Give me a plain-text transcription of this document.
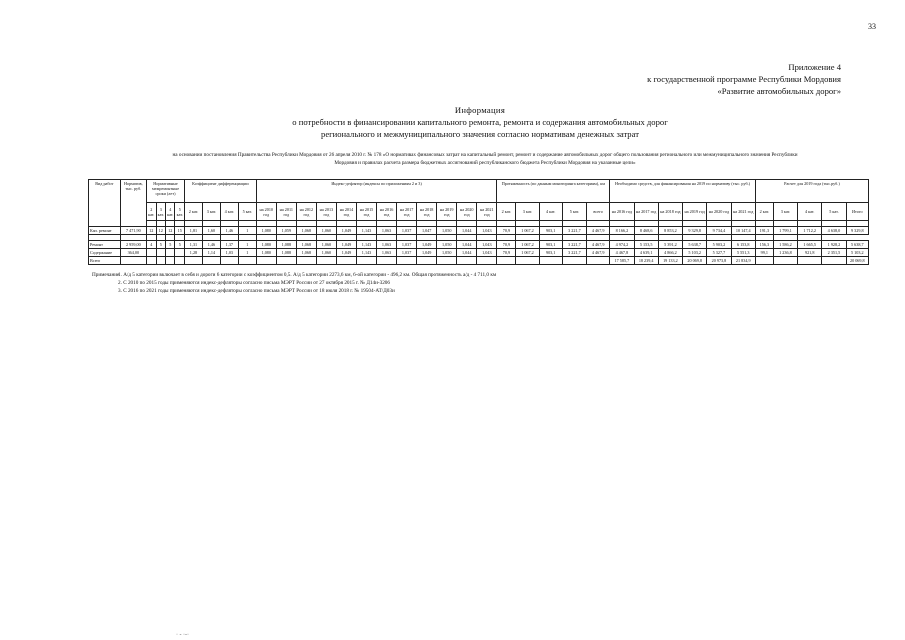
33
Приложение 4
к государственной программе Республики Мордовия
«Развитие автомобильных дорог»
Информация
о потребности в финансировании капитального ремонта, ремонта и содержания автомобильных дорог
регионального и межмуниципального значения согласно нормативам денежных затрат
на основании постановления Правительства Республики Мордовия от 26 апреля 2010 г. № 178 «О нормативах финансовых затрат на капитальный ремонт, ремонт и содержание автомобильных дорог общего пользования регионального или межмуниципального значения Республики
Мордовия и правилах расчета размера бюджетных ассигнований республиканского бюджета Республики Мордовия на указанные цели»
Вид работ	Норматив, тыс. руб.	Нормативные межремонтные сроки (лет)				Коэффициент дифференциации				Индекс-дефлятор (индексы по приложениям 2 и 3)												Протяженность (по данным мониторинга категориям), км					Необходимо средств, для финансирования на 2019 по нормативу (тыс. руб.)						Расчет для 2019 года (тыс.руб.)				
		2 кат.	3 кат.	4 кат.	5 кат.	2 кат.	3 кат.	4 кат.	5 кат.	на 2010 год	на 2011 год	на 2012 год	на 2013 год	на 2014 год	на 2015 год	на 2016 год	на 2017 год	на 2018 год	на 2019 год	на 2020 год	на 2021 год	2 кат.	3 кат.	4 кат.	5 кат.	всего	на 2016 год	на 2017 год	на 2018 год	на 2019 год	на 2020 год	на 2021 год	2 кат.	3 кат.	4 кат.	5 кат.	Итого

Кап. ремонт	7 471,90	12	12	12	15	1,81	1,60	1,46	1	1,080	1,059	1,068	1,060	1,049	1,143	1,063	1,037	1,047	1,050	1,044	1,043	70,9	1 067,2	903,1	3 221,7	4 467,9	8 166,2	8 468,6	8 853,2	9 329,8	9 734,4	10 147,4	191,3	1 799,1	1 712,2	4 638,0	9 329,8

Ремонт	2 959,00	4	5	5	5	1,31	1,46	1,37	1	1,080	1,088	1,068	1,060	1,049	1,143	1,063	1,037	1,049	1,050	1,044	1,043	70,9	1 067,2	903,1	3 221,7	4 467,9	4 974,2	5 153,5	5 391,2	5 638,7	5 903,2	6 153,8	156,3	1 586,2	1 665,5	1 928,2	5 638,7
Содержание	364,00					1,28	1,14	1,03	1	1,080	1,088	1,068	1,060	1,049	1,143	1,063	1,037	1,049	1,050	1,044	1,043	70,9	1 067,2	903,1	3 221,7	4 467,9	4 467,8	4 639,1	4 866,2	5 103,2	5 327,7	5 551,3	99,1	1 236,8	921,8	2 351,5	5 103,2
Всего																											17 585,7	18 239,4	19 133,2	20 069,8	20 973,8	21 834,9					20 069,8
Примечание
1. А/д 5 категории включает в себя и дороги 6 категории с коэффициентом 0,5. А/д 5 категории 2273,6 км, 6-ой категории - 496,2 км. Общая протяженность а/д - 4 711,0 км
2. С 2010 по 2015 годы применяются индекс-дефляторы согласно письма МЭРТ России от 27 октября 2015 г. № Д14и-3206
3. С 2016 по 2021 годы применяются индекс-дефляторы согласно письма МЭРТ России от 18 июля 2018 г. № 19504-АТ/Д03и
· - ·-·
